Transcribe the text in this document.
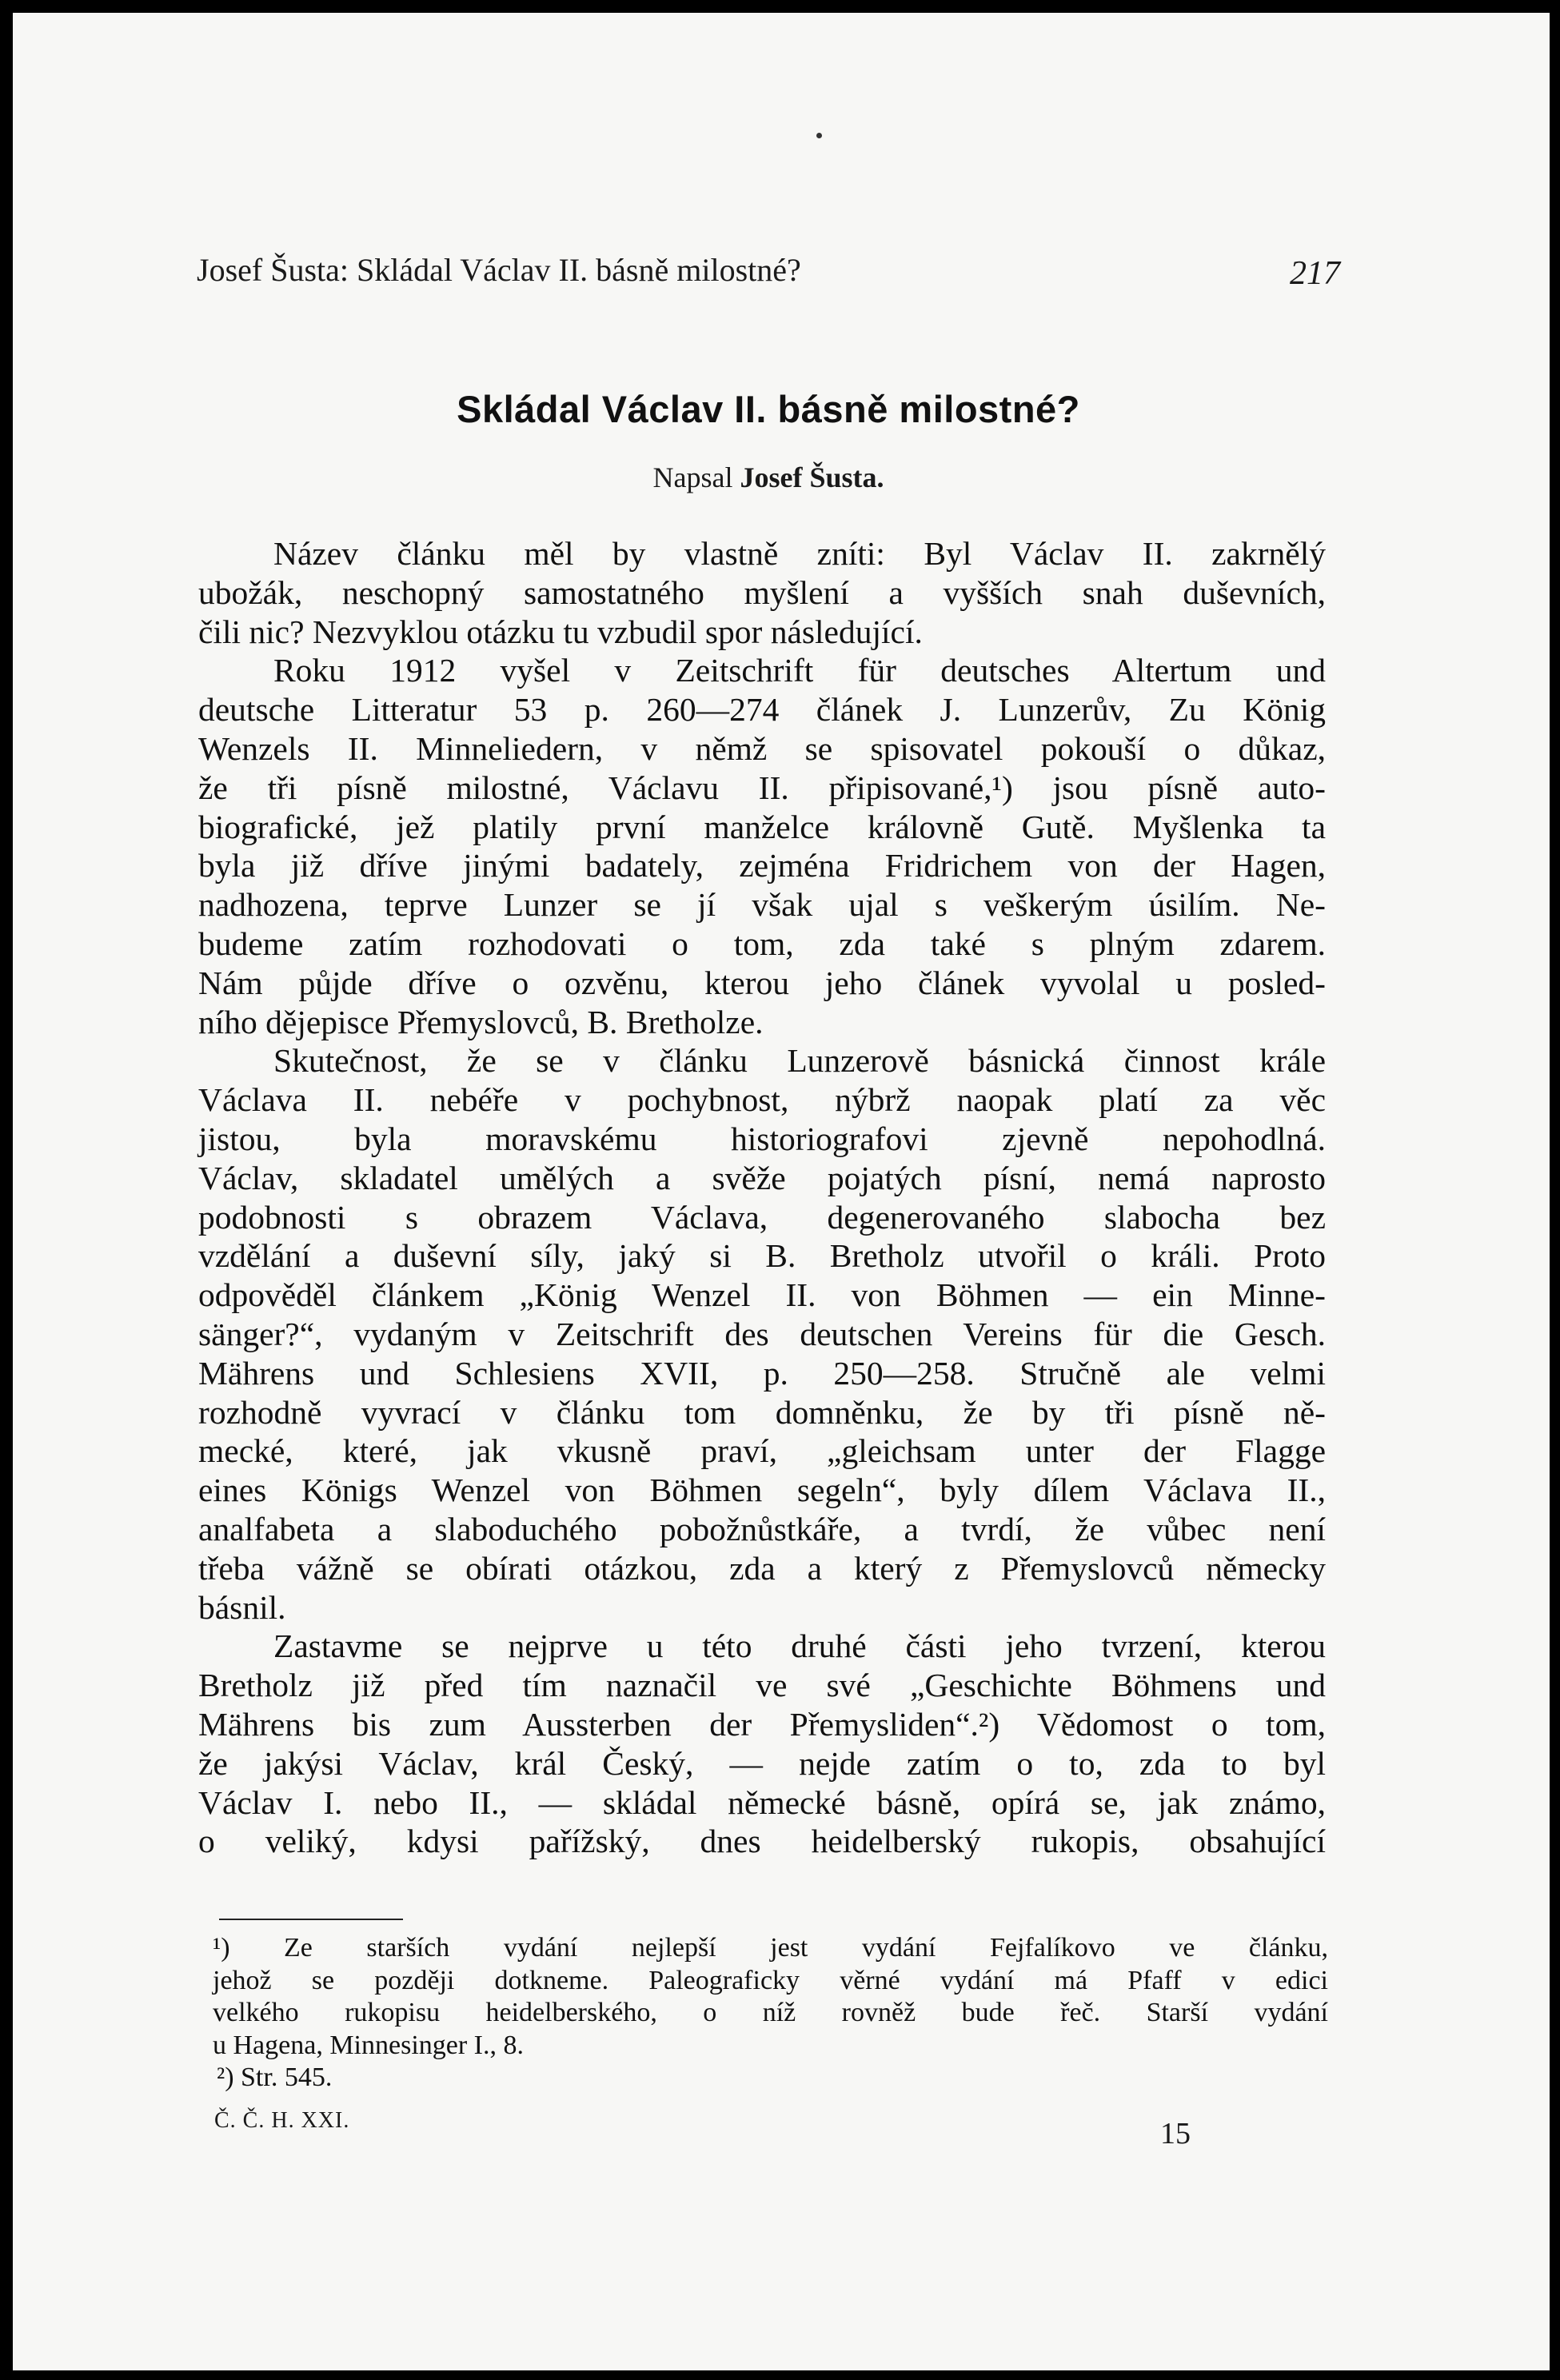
Josef Šusta: Skládal Václav II. básně milostné?	217
Skládal Václav II. básně milostné?
Napsal Josef Šusta.
Název článku měl by vlastně zníti: Byl Václav II. zakrnělý
ubožák, neschopný samostatného myšlení a vyšších snah duševních,
čili nic? Nezvyklou otázku tu vzbudil spor následující.
Roku 1912 vyšel v Zeitschrift für deutsches Altertum und
deutsche Litteratur 53 p. 260—274 článek J. Lunzerův, Zu König
Wenzels II. Minneliedern, v němž se spisovatel pokouší o důkaz,
že tři písně milostné, Václavu II. připisované,¹) jsou písně auto-
biografické, jež platily první manželce královně Gutě. Myšlenka ta
byla již dříve jinými badately, zejména Fridrichem von der Hagen,
nadhozena, teprve Lunzer se jí však ujal s veškerým úsilím. Ne-
budeme zatím rozhodovati o tom, zda také s plným zdarem.
Nám půjde dříve o ozvěnu, kterou jeho článek vyvolal u posled-
ního dějepisce Přemyslovců, B. Bretholze.
Skutečnost, že se v článku Lunzerově básnická činnost krále
Václava II. nebéře v pochybnost, nýbrž naopak platí za věc
jistou, byla moravskému historiografovi zjevně nepohodlná.
Václav, skladatel umělých a svěže pojatých písní, nemá naprosto
podobnosti s obrazem Václava, degenerovaného slabocha bez
vzdělání a duševní síly, jaký si B. Bretholz utvořil o králi. Proto
odpověděl článkem „König Wenzel II. von Böhmen — ein Minne-
sänger?“, vydaným v Zeitschrift des deutschen Vereins für die Gesch.
Mährens und Schlesiens XVII, p. 250—258. Stručně ale velmi
rozhodně vyvrací v článku tom domněnku, že by tři písně ně-
mecké, které, jak vkusně praví, „gleichsam unter der Flagge
eines Königs Wenzel von Böhmen segeln“, byly dílem Václava II.,
analfabeta a slaboduchého pobožnůstkáře, a tvrdí, že vůbec není
třeba vážně se obírati otázkou, zda a který z Přemyslovců německy
básnil.
Zastavme se nejprve u této druhé části jeho tvrzení, kterou
Bretholz již před tím naznačil ve své „Geschichte Böhmens und
Mährens bis zum Aussterben der Přemysliden“.²) Vědomost o tom,
že jakýsi Václav, král Český, — nejde zatím o to, zda to byl
Václav I. nebo II., — skládal německé básně, opírá se, jak známo,
o veliký, kdysi pařížský, dnes heidelberský rukopis, obsahující
¹) Ze starších vydání nejlepší jest vydání Fejfalíkovo ve článku,
jehož se později dotkneme. Paleograficky věrné vydání má Pfaff v edici
velkého rukopisu heidelberského, o níž rovněž bude řeč. Starší vydání
u Hagena, Minnesinger I., 8.
²) Str. 545.
Č. Č. H. XXI.	15
